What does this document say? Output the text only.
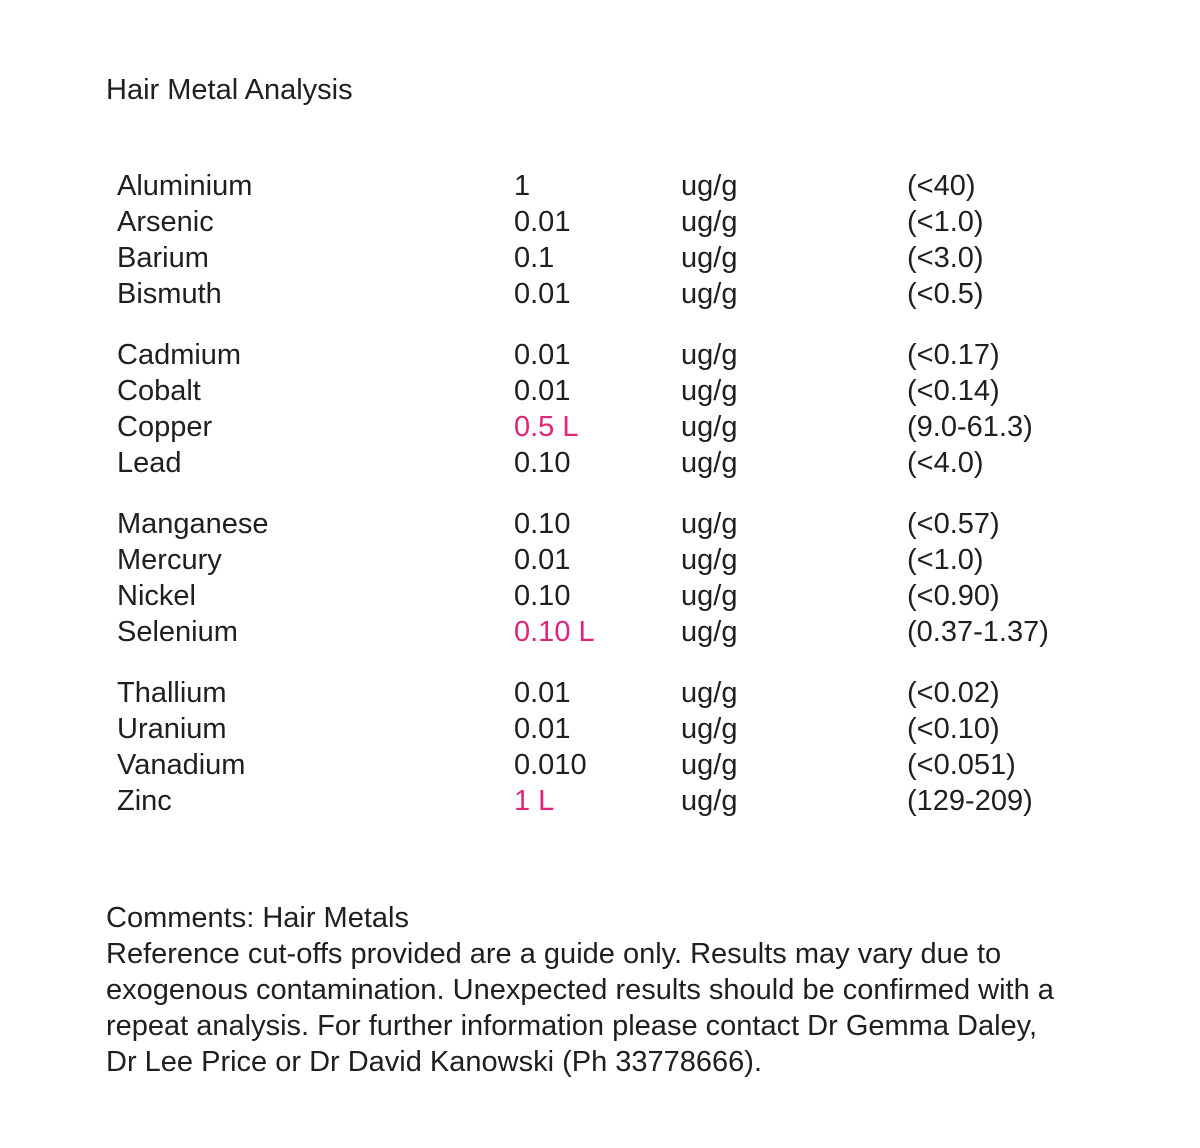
Hair Metal Analysis
Aluminium	1	ug/g	(<40)
Arsenic	0.01	ug/g	(<1.0)
Barium	0.1	ug/g	(<3.0)
Bismuth	0.01	ug/g	(<0.5)
Cadmium	0.01	ug/g	(<0.17)
Cobalt	0.01	ug/g	(<0.14)
Copper	0.5 L	ug/g	(9.0-61.3)
Lead	0.10	ug/g	(<4.0)
Manganese	0.10	ug/g	(<0.57)
Mercury	0.01	ug/g	(<1.0)
Nickel	0.10	ug/g	(<0.90)
Selenium	0.10 L	ug/g	(0.37-1.37)
Thallium	0.01	ug/g	(<0.02)
Uranium	0.01	ug/g	(<0.10)
Vanadium	0.010	ug/g	(<0.051)
Zinc	1 L	ug/g	(129-209)
Comments: Hair Metals
Reference cut-offs provided are a guide only. Results may vary due to
exogenous contamination. Unexpected results should be confirmed with a
repeat analysis. For further information please contact Dr Gemma Daley,
Dr Lee Price or Dr David Kanowski (Ph 33778666).
